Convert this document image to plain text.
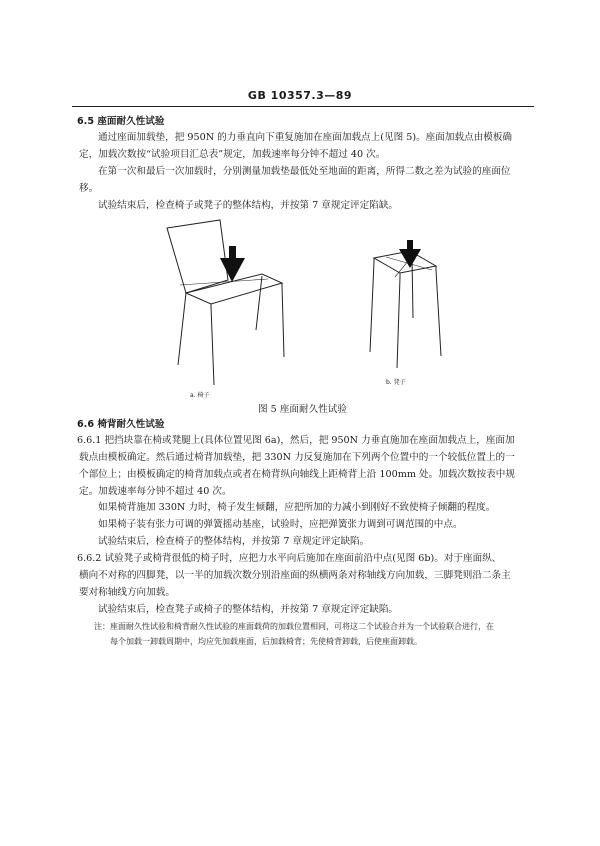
GB 10357.3—89
6.5 座面耐久性试验
通过座面加载垫，把 950N 的力垂直向下重复施加在座面加载点上(见图 5)。座面加载点由模板确
定，加载次数按“试验项目汇总表”规定，加载速率每分钟不超过 40 次。
在第一次和最后一次加载时，分别测量加载垫最低处至地面的距离，所得二数之差为试验的座面位
移。
试验结束后，检查椅子或凳子的整体结构，并按第 7 章规定评定陷缺。
a. 椅子
b. 凳子
图 5 座面耐久性试验
6.6 椅背耐久性试验
6.6.1 把挡块靠在椅或凳腿上(具体位置见图 6a)，然后，把 950N 力垂直施加在座面加载点上，座面加
载点由模板确定。然后通过椅背加载垫，把 330N 力反复施加在下列两个位置中的一个较低位置上的一
个部位上；由模板确定的椅背加载点或者在椅背纵向轴线上距椅背上沿 100mm 处。加载次数按表中规
定。加载速率每分钟不超过 40 次。
如果椅背施加 330N 力时，椅子发生倾翻，应把所加的力减小到刚好不致使椅子倾翻的程度。
如果椅子装有张力可调的弹簧摇动基座，试验时，应把弹簧张力调到可调范围的中点。
试验结束后，检查椅子的整体结构，并按第 7 章规定评定缺陷。
6.6.2 试验凳子或椅背很低的椅子时，应把力水平向后施加在座面前沿中点(见图 6b)。对于座面纵、
横向不对称的四脚凳，以一半的加载次数分别沿座面的纵横两条对称轴线方向加载，三脚凳则沿二条主
要对称轴线方向加载。
试验结束后，检查凳子或椅子的整体结构，并按第 7 章规定评定缺陷。
注：座面耐久性试验和椅背耐久性试验的座面载荷的加载位置相同，可将这二个试验合并为一个试验联合进行，在
每个加载一卸载周期中，均应先加载座面，后加载椅背；先使椅背卸载，后使座面卸载。
